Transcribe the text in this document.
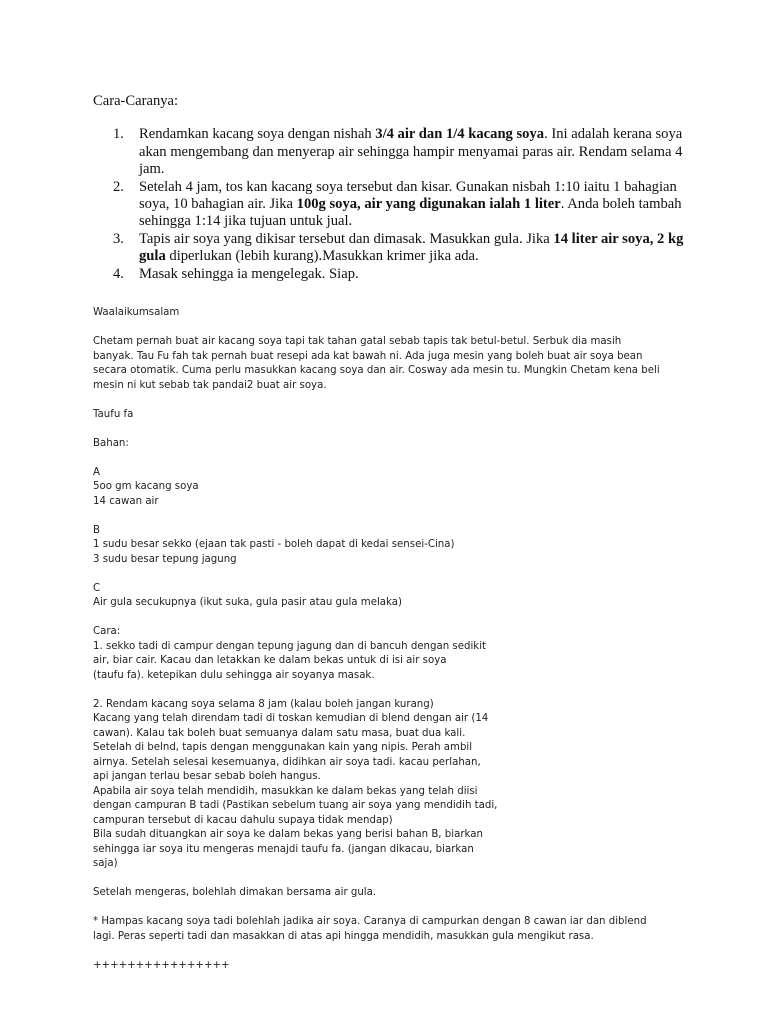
Cara-Caranya:

1. Rendamkan kacang soya dengan nishah 3/4 air dan 1/4 kacang soya. Ini adalah kerana soya akan mengembang dan menyerap air sehingga hampir menyamai paras air. Rendam selama 4 jam.
2. Setelah 4 jam, tos kan kacang soya tersebut dan kisar. Gunakan nisbah 1:10 iaitu 1 bahagian soya, 10 bahagian air. Jika 100g soya, air yang digunakan ialah 1 liter. Anda boleh tambah sehingga 1:14 jika tujuan untuk jual.
3. Tapis air soya yang dikisar tersebut dan dimasak. Masukkan gula. Jika 14 liter air soya, 2 kg gula diperlukan (lebih kurang).Masukkan krimer jika ada.
4. Masak sehingga ia mengelegak. Siap.

Waalaikumsalam

Chetam pernah buat air kacang soya tapi tak tahan gatal sebab tapis tak betul-betul. Serbuk dia masih
banyak. Tau Fu fah tak pernah buat resepi ada kat bawah ni. Ada juga mesin yang boleh buat air soya bean
secara otomatik. Cuma perlu masukkan kacang soya dan air. Cosway ada mesin tu. Mungkin Chetam kena beli
mesin ni kut sebab tak pandai2 buat air soya.

Taufu fa

Bahan:

A

5oo gm kacang soya
14 cawan air

B

1 sudu besar sekko (ejaan tak pasti - boleh dapat di kedai sensei-Cina)
3 sudu besar tepung jagung

C

Air gula secukupnya (ikut suka, gula pasir atau gula melaka)

Cara:

1. sekko tadi di campur dengan tepung jagung dan di bancuh dengan sedikit
air, biar cair. Kacau dan letakkan ke dalam bekas untuk di isi air soya
(taufu fa). ketepikan dulu sehingga air soyanya masak.

2. Rendam kacang soya selama 8 jam (kalau boleh jangan kurang)
Kacang yang telah direndam tadi di toskan kemudian di blend dengan air (14
cawan). Kalau tak boleh buat semuanya dalam satu masa, buat dua kali.
Setelah di belnd, tapis dengan menggunakan kain yang nipis. Perah ambil
airnya. Setelah selesai kesemuanya, didihkan air soya tadi. kacau perlahan,
api jangan terlau besar sebab boleh hangus.
Apabila air soya telah mendidih, masukkan ke dalam bekas yang telah diisi
dengan campuran B tadi (Pastikan sebelum tuang air soya yang mendidih tadi,
campuran tersebut di kacau dahulu supaya tidak mendap)
Bila sudah dituangkan air soya ke dalam bekas yang berisi bahan B, biarkan
sehingga iar soya itu mengeras menajdi taufu fa. (jangan dikacau, biarkan
saja)

Setelah mengeras, bolehlah dimakan bersama air gula.

* Hampas kacang soya tadi bolehlah jadika air soya. Caranya di campurkan dengan 8 cawan iar dan diblend
lagi. Peras seperti tadi dan masakkan di atas api hingga mendidih, masukkan gula mengikut rasa.

++++++++++++++++
